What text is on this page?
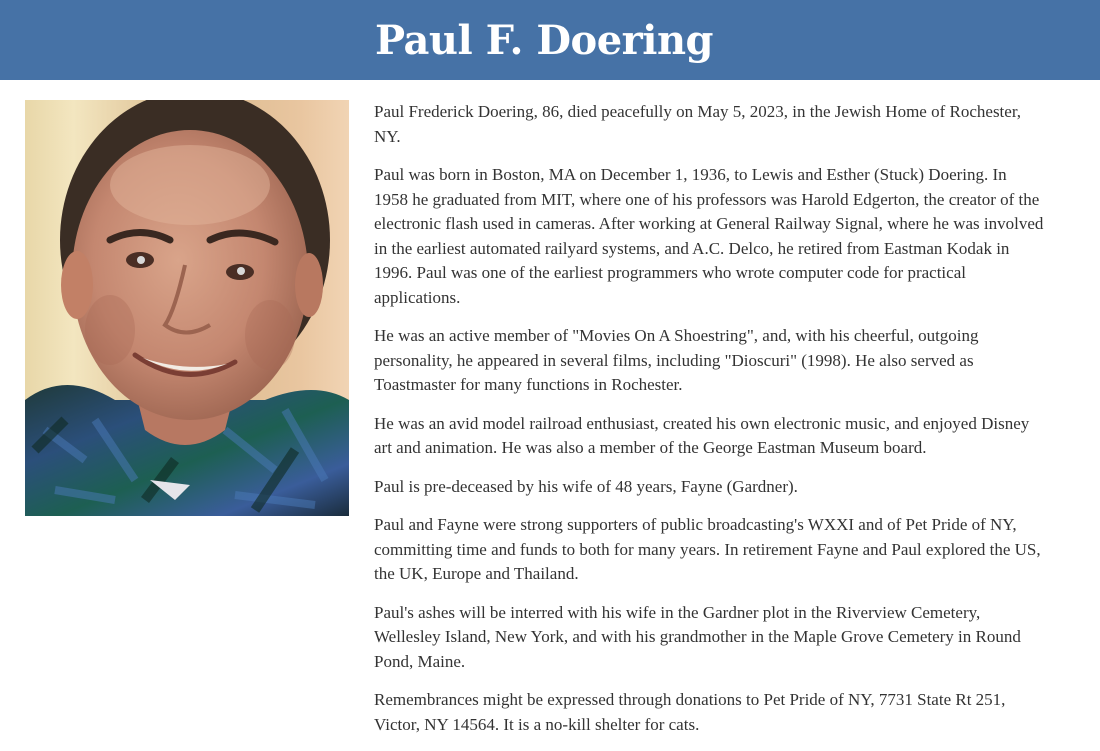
Paul F. Doering

Paul Frederick Doering, 86, died peacefully on May 5, 2023, in the Jewish Home of Rochester, NY.

Paul was born in Boston, MA on December 1, 1936, to Lewis and Esther (Stuck) Doering. In 1958 he graduated from MIT, where one of his professors was Harold Edgerton, the creator of the electronic flash used in cameras. After working at General Railway Signal, where he was involved in the earliest automated railyard systems, and A.C. Delco, he retired from Eastman Kodak in 1996. Paul was one of the earliest programmers who wrote computer code for practical applications.

He was an active member of "Movies On A Shoestring", and, with his cheerful, outgoing personality, he appeared in several films, including "Dioscuri" (1998). He also served as Toastmaster for many functions in Rochester.

He was an avid model railroad enthusiast, created his own electronic music, and enjoyed Disney art and animation. He was also a member of the George Eastman Museum board.

Paul is pre-deceased by his wife of 48 years, Fayne (Gardner).

Paul and Fayne were strong supporters of public broadcasting's WXXI and of Pet Pride of NY, committing time and funds to both for many years. In retirement Fayne and Paul explored the US, the UK, Europe and Thailand.

Paul's ashes will be interred with his wife in the Gardner plot in the Riverview Cemetery, Wellesley Island, New York, and with his grandmother in the Maple Grove Cemetery in Round Pond, Maine.

Remembrances might be expressed through donations to Pet Pride of NY, 7731 State Rt 251, Victor, NY 14564. It is a no-kill shelter for cats.
